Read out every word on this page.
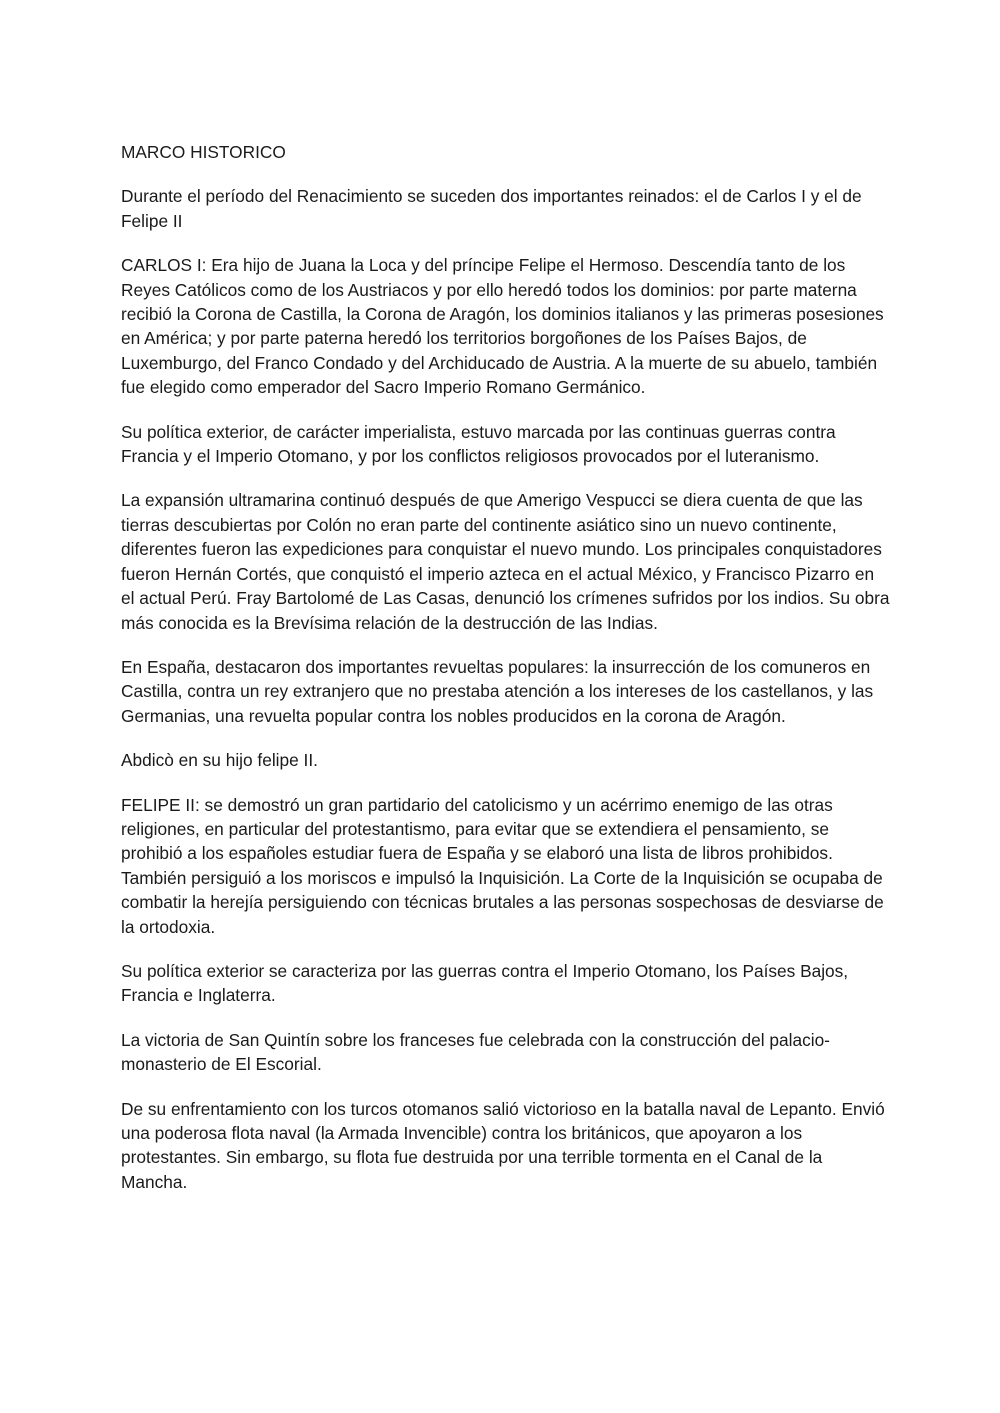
MARCO HISTORICO

Durante el período del Renacimiento se suceden dos importantes reinados: el de Carlos I y el de Felipe II

CARLOS I: Era hijo de Juana la Loca y del príncipe Felipe el Hermoso. Descendía tanto de los Reyes Católicos como de los Austriacos y por ello heredó todos los dominios: por parte materna recibió la Corona de Castilla, la Corona de Aragón, los dominios italianos y las primeras posesiones en América; y por parte paterna heredó los territorios borgoñones de los Países Bajos, de Luxemburgo, del Franco Condado y del Archiducado de Austria. A la muerte de su abuelo, también fue elegido como emperador del Sacro Imperio Romano Germánico.

Su política exterior, de carácter imperialista, estuvo marcada por las continuas guerras contra Francia y el Imperio Otomano, y por los conflictos religiosos provocados por el luteranismo.

La expansión ultramarina continuó después de que Amerigo Vespucci se diera cuenta de que las tierras descubiertas por Colón no eran parte del continente asiático sino un nuevo continente, diferentes fueron las expediciones para conquistar el nuevo mundo. Los principales conquistadores fueron Hernán Cortés, que conquistó el imperio azteca en el actual México, y Francisco Pizarro en el actual Perú. Fray Bartolomé de Las Casas, denunció los crímenes sufridos por los indios. Su obra más conocida es la Brevísima relación de la destrucción de las Indias.

En España, destacaron dos importantes revueltas populares: la insurrección de los comuneros en Castilla, contra un rey extranjero que no prestaba atención a los intereses de los castellanos, y las Germanias, una revuelta popular contra los nobles producidos en la corona de Aragón.

Abdicò en su hijo felipe II.

FELIPE II: se demostró un gran partidario del catolicismo y un acérrimo enemigo de las otras religiones, en particular del protestantismo, para evitar que se extendiera el pensamiento, se prohibió a los españoles estudiar fuera de España y se elaboró una lista de libros prohibidos. También persiguió a los moriscos e impulsó la Inquisición. La Corte de la Inquisición se ocupaba de combatir la herejía persiguiendo con técnicas brutales a las personas sospechosas de desviarse de la ortodoxia.

Su política exterior se caracteriza por las guerras contra el Imperio Otomano, los Países Bajos, Francia e Inglaterra.

La victoria de San Quintín sobre los franceses fue celebrada con la construcción del palacio-monasterio de El Escorial.

De su enfrentamiento con los turcos otomanos salió victorioso en la batalla naval de Lepanto. Envió una poderosa flota naval (la Armada Invencible) contra los británicos, que apoyaron a los protestantes. Sin embargo, su flota fue destruida por una terrible tormenta en el Canal de la Mancha.
